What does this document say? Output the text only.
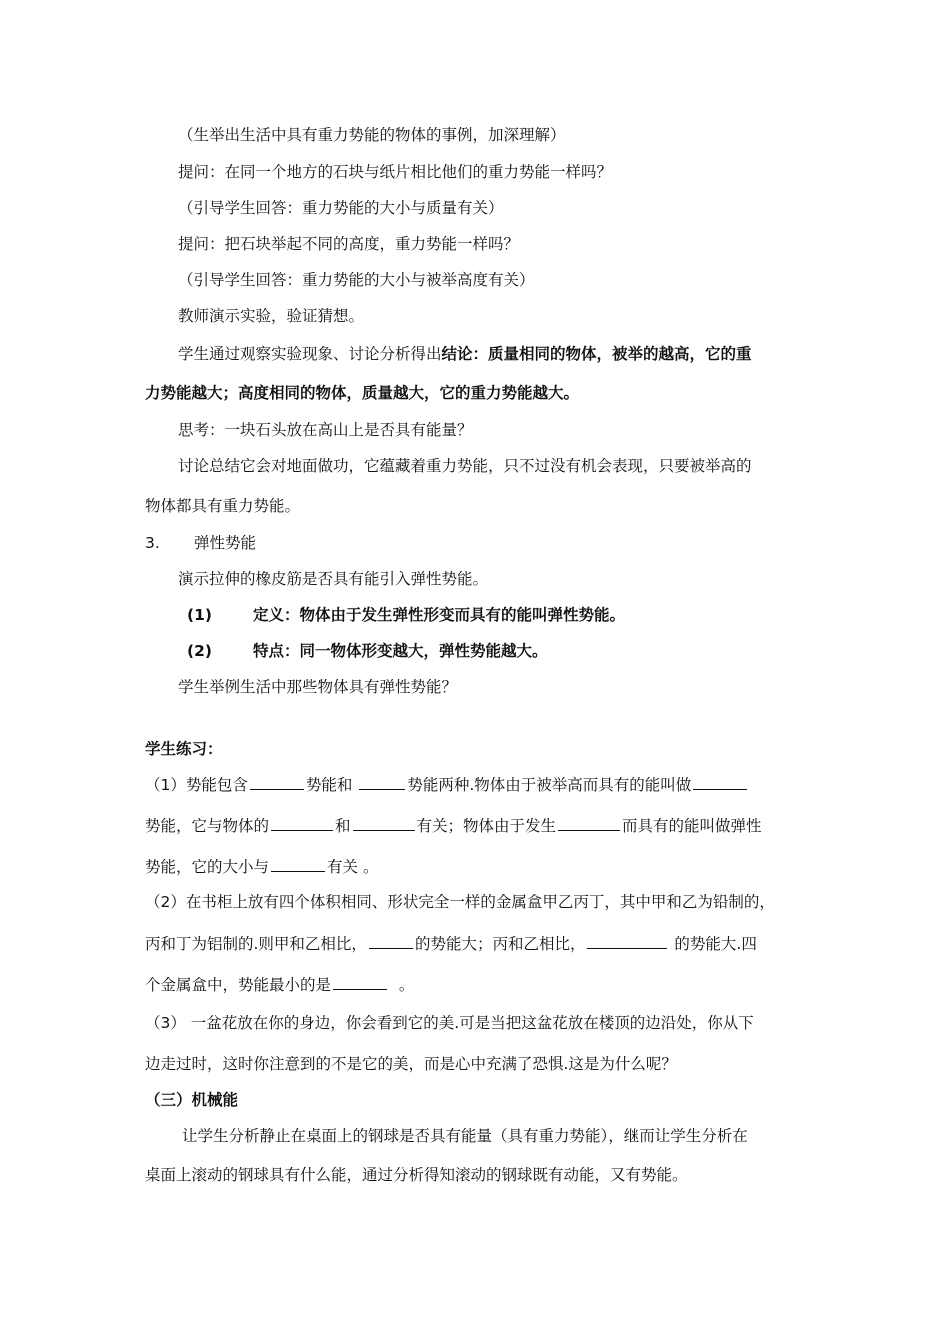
（生举出生活中具有重力势能的物体的事例，加深理解）
提问：在同一个地方的石块与纸片相比他们的重力势能一样吗？
（引导学生回答：重力势能的大小与质量有关）
提问：把石块举起不同的高度，重力势能一样吗？
（引导学生回答：重力势能的大小与被举高度有关）
教师演示实验，验证猜想。
学生通过观察实验现象、讨论分析得出结论：质量相同的物体，被举的越高，它的重
力势能越大；高度相同的物体，质量越大，它的重力势能越大。
思考：一块石头放在高山上是否具有能量？
讨论总结它会对地面做功，它蕴藏着重力势能，只不过没有机会表现，只要被举高的
物体都具有重力势能。
3. 弹性势能
演示拉伸的橡皮筋是否具有能引入弹性势能。
(1)	定义：物体由于发生弹性形变而具有的能叫弹性势能。
(2)	特点：同一物体形变越大，弹性势能越大。
学生举例生活中那些物体具有弹性势能？
学生练习：
（1）势能包含	势能和	势能两种.物体由于被举高而具有的能叫做
势能，它与物体的	和	有关；物体由于发生	而具有的能叫做弹性
势能，它的大小与	有关 。
（2）在书柜上放有四个体积相同、形状完全一样的金属盒甲乙丙丁，其中甲和乙为铅制的，
丙和丁为铝制的.则甲和乙相比，	的势能大；丙和乙相比，	的势能大.四
个金属盒中，势能最小的是	。
（3） 一盆花放在你的身边，你会看到它的美.可是当把这盆花放在楼顶的边沿处，你从下
边走过时，这时你注意到的不是它的美，而是心中充满了恐惧.这是为什么呢？
（三）机械能
让学生分析静止在桌面上的钢球是否具有能量（具有重力势能），继而让学生分析在
桌面上滚动的钢球具有什么能，通过分析得知滚动的钢球既有动能，又有势能。
